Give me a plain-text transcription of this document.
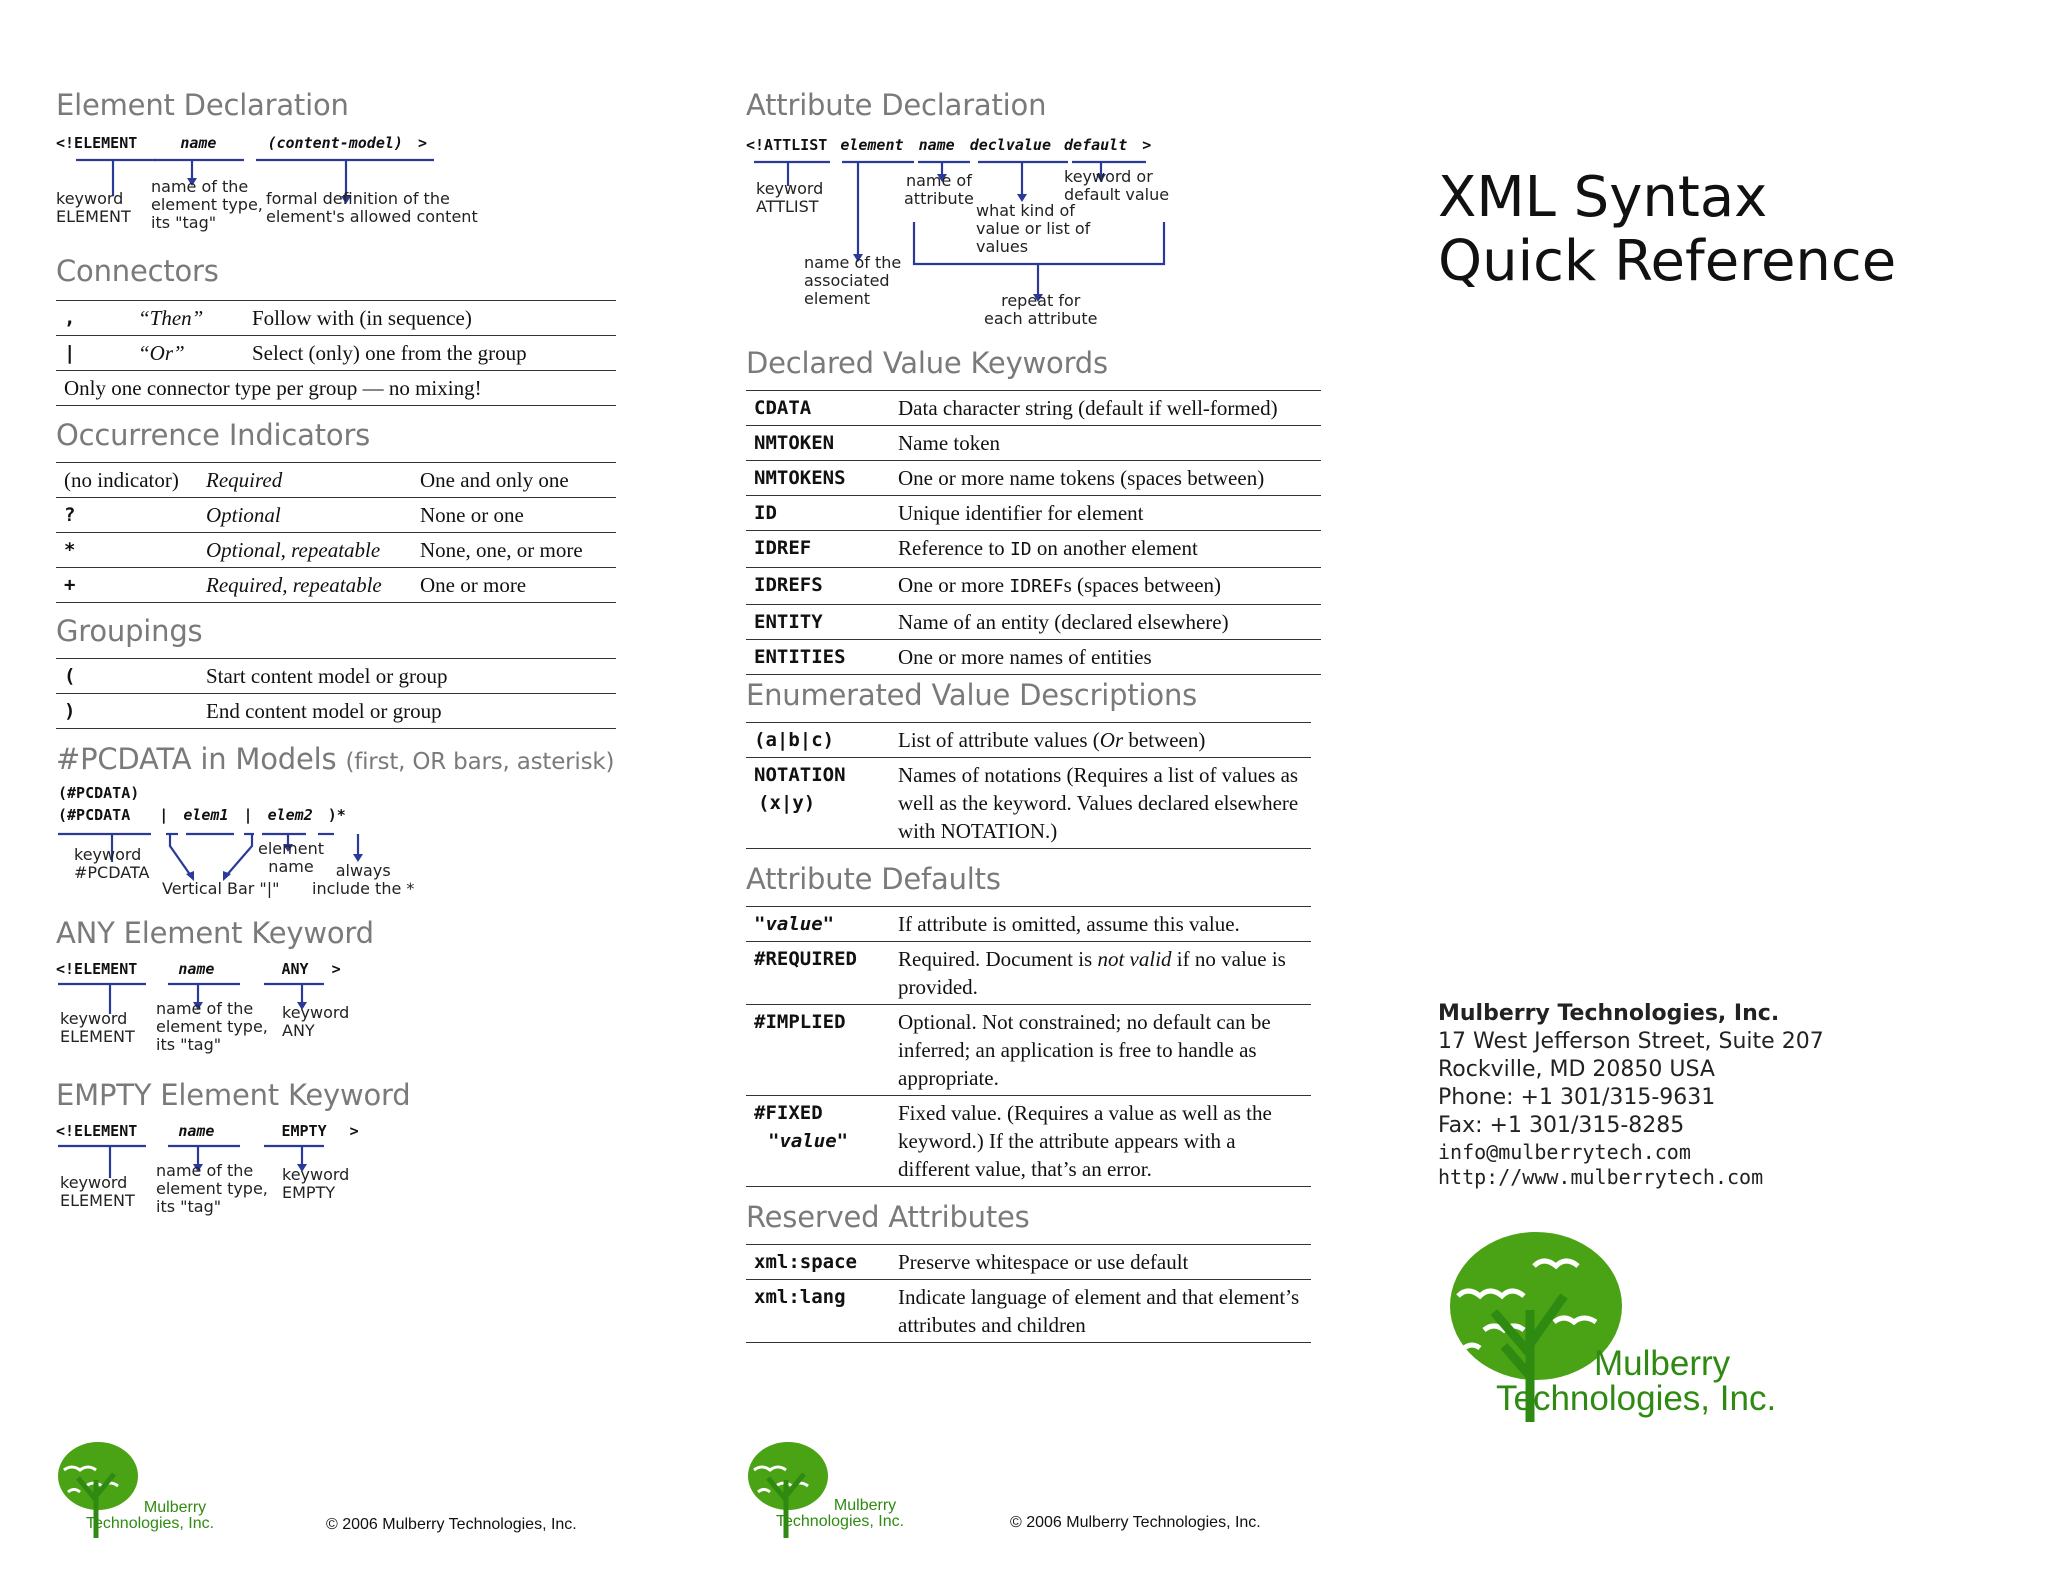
Element Declaration
<!ELEMENT	name	(content-model) >
keyword
ELEMENT
name of the
element type,
its "tag"
formal definition of the
element's allowed content
Connectors
,	“Then”	Follow with (in sequence)
|	“Or”	Select (only) one from the group
Only one connector type per group — no mixing!		
Occurrence Indicators
(no indicator)	Required	One and only one
?	Optional	None or one
*	Optional, repeatable	None, one, or more
+	Required, repeatable	One or more
Groupings
(	Start content model or group
)	End content model or group
#PCDATA in Models (first, OR bars, asterisk)
(#PCDATA)
(#PCDATA | elem1 | elem2 )*
keyword
#PCDATA
Vertical Bar "|"
element
name	always
include the *
ANY Element Keyword
<!ELEMENT	name	ANY >
keyword
ELEMENT
name of the
element type,
its "tag"
keyword
ANY
EMPTY Element Keyword
<!ELEMENT	name	EMPTY >
keyword
ELEMENT
name of the
element type,
its "tag"
keyword
EMPTY
Mulberry
Technologies, Inc.	© 2006 Mulberry Technologies, Inc.
Attribute Declaration
<!ATTLIST element name declvalue default >
keyword
ATTLIST
name of the
associated
element
name of
attribute
what kind of
value or list of
values
keyword or
default value
repeat for
each attribute
Declared Value Keywords
CDATA	Data character string (default if well-formed)
NMTOKEN	Name token
NMTOKENS	One or more name tokens (spaces between)
ID	Unique identifier for element
IDREF	Reference to ID on another element
IDREFS	One or more IDREFs (spaces between)
ENTITY	Name of an entity (declared elsewhere)
ENTITIES	One or more names of entities
Enumerated Value Descriptions
(a|b|c)	List of attribute values (Or between)

NOTATION
(x|y)	Names of notations (Requires a list of values as well as the keyword. Values declared elsewhere with NOTATION.)
Attribute Defaults
"value"	If attribute is omitted, assume this value.
#REQUIRED	Required. Document is not valid if no value is provided.
#IMPLIED	Optional. Not constrained; no default can be inferred; an application is free to handle as appropriate.

#FIXED
"value"	Fixed value. (Requires a value as well as the keyword.) If the attribute appears with a different value, that’s an error.
Reserved Attributes
xml:space	Preserve whitespace or use default
xml:lang	Indicate language of element and that element’s attributes and children
Mulberry
Technologies, Inc.	© 2006 Mulberry Technologies, Inc.
XML Syntax
Quick Reference
Mulberry Technologies, Inc.
17 West Jefferson Street, Suite 207
Rockville, MD 20850 USA
Phone: +1 301/315-9631
Fax: +1 301/315-8285
info@mulberrytech.com
http://www.mulberrytech.com
Mulberry
Technologies, Inc.
